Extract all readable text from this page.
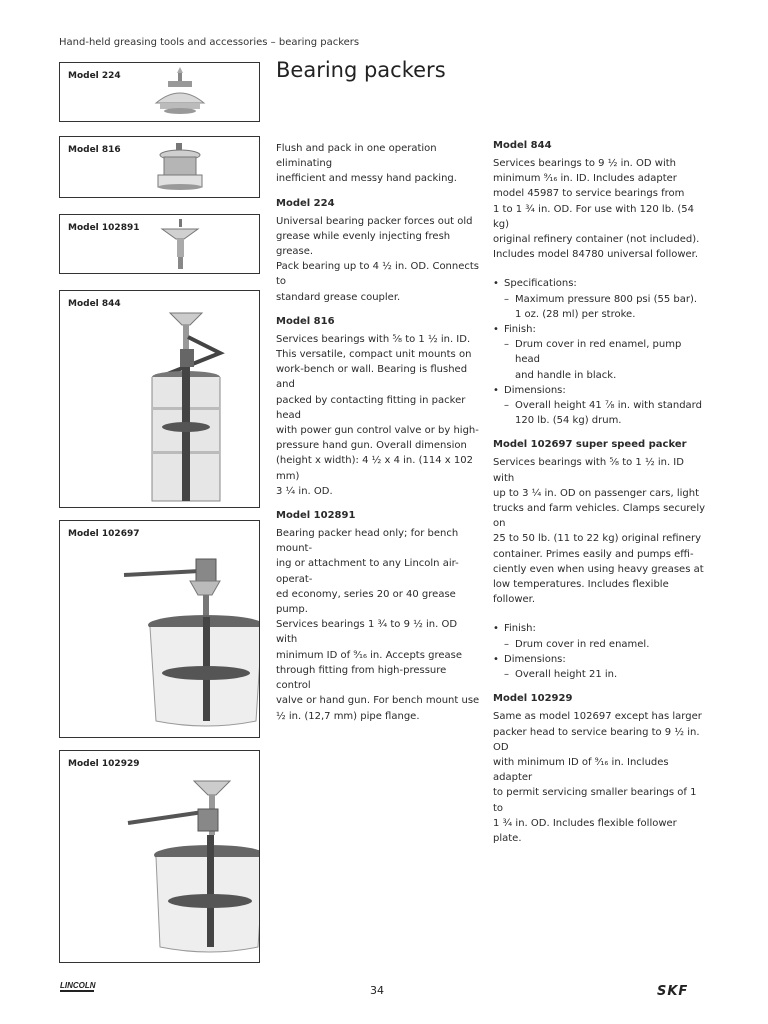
Hand-held greasing tools and accessories – bearing packers
Bearing packers
Model 224
Model 816
Model 102891
Model 844
Model 102697
Model 102929

Flush and pack in one operation eliminating

inefficient and messy hand packing.

Model 224

Universal bearing packer forces out old

grease while evenly injecting fresh grease.

Pack bearing up to 4 ½ in. OD. Connects to

standard grease coupler.

Model 816

Services bearings with ⁵⁄₈ to 1 ½ in. ID.

This versatile, compact unit mounts on

work-bench or wall. Bearing is flushed and

packed by contacting fitting in packer head

with power gun control valve or by high-

pressure hand gun. Overall dimension

(height x width): 4 ½ x 4 in. (114 x 102 mm)

3 ¼ in. OD.

Model 102891

Bearing packer head only; for bench mount-

ing or attachment to any Lincoln air-operat-

ed economy, series 20 or 40 grease pump.

Services bearings 1 ¾ to 9 ½ in. OD with

minimum ID of ⁹⁄₁₆ in. Accepts grease

through fitting from high-pressure control

valve or hand gun. For bench mount use

½ in. (12,7 mm) pipe flange.

Model 844

Services bearings to 9 ½ in. OD with

minimum ⁹⁄₁₆ in. ID. Includes adapter

model 45987 to service bearings from

1 to 1 ¾ in. OD. For use with 120 lb. (54 kg)

original refinery container (not included).

Includes model 84780 universal follower.

• Specifications:

– Maximum pressure 800 psi (55 bar).

1 oz. (28 ml) per stroke.

• Finish:

– Drum cover in red enamel, pump head

and handle in black.

• Dimensions:

– Overall height 41 ⁷⁄₈ in. with standard

120 lb. (54 kg) drum.

Model 102697 super speed packer

Services bearings with ⁵⁄₈ to 1 ½ in. ID with

up to 3 ¼ in. OD on passenger cars, light

trucks and farm vehicles. Clamps securely on

25 to 50 lb. (11 to 22 kg) original refinery

container. Primes easily and pumps effi-

ciently even when using heavy greases at

low temperatures. Includes flexible follower.

• Finish:

– Drum cover in red enamel.

• Dimensions:

– Overall height 21 in.

Model 102929

Same as model 102697 except has larger

packer head to service bearing to 9 ½ in. OD

with minimum ID of ⁹⁄₁₆ in. Includes adapter

to permit servicing smaller bearings of 1 to

1 ¾ in. OD. Includes flexible follower plate.

LINCOLN	34	SKF
